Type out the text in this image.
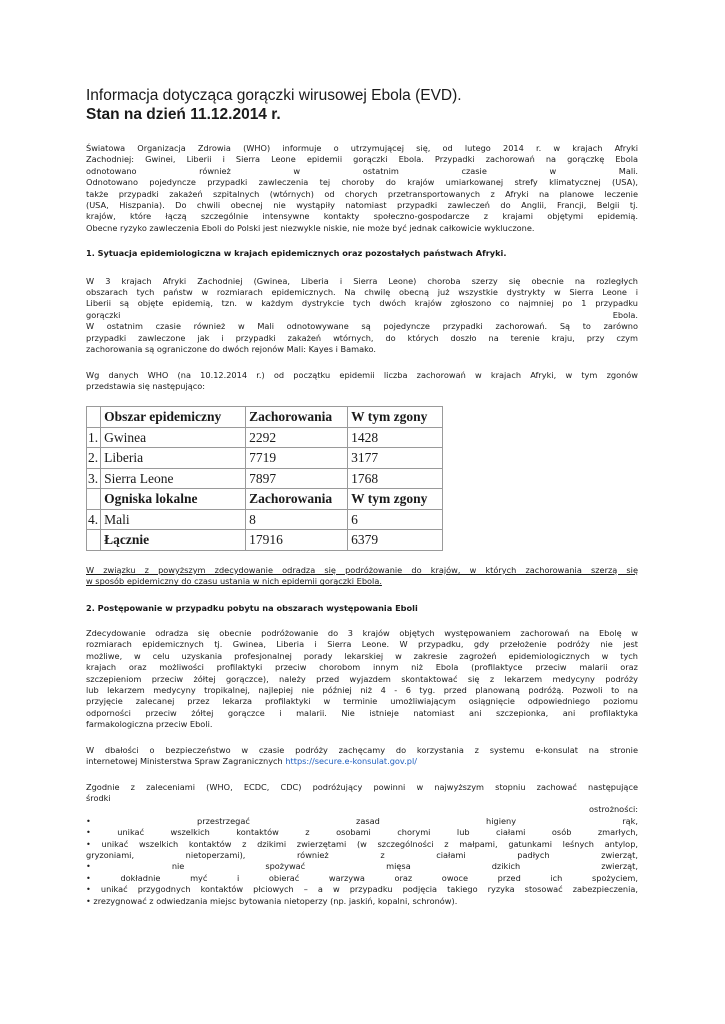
Informacja dotycząca gorączki wirusowej Ebola (EVD).
Stan na dzień 11.12.2014 r.
Światowa Organizacja Zdrowia (WHO) informuje o utrzymującej się, od lutego 2014 r. w krajach Afryki
Zachodniej: Gwinei, Liberii i Sierra Leone epidemii gorączki Ebola. Przypadki zachorowań na gorączkę Ebola
odnotowano również w ostatnim czasie w Mali.
Odnotowano pojedyncze przypadki zawleczenia tej choroby do krajów umiarkowanej strefy klimatycznej (USA),
także przypadki zakażeń szpitalnych (wtórnych) od chorych przetransportowanych z Afryki na planowe leczenie
(USA, Hiszpania). Do chwili obecnej nie wystąpiły natomiast przypadki zawleczeń do Anglii, Francji, Belgii tj.
krajów, które łączą szczególnie intensywne kontakty społeczno-gospodarcze z krajami objętymi epidemią.
Obecne ryzyko zawleczenia Eboli do Polski jest niezwykle niskie, nie może być jednak całkowicie wykluczone.

1. Sytuacja epidemiologiczna w krajach epidemicznych oraz pozostałych państwach Afryki.

W 3 krajach Afryki Zachodniej (Gwinea, Liberia i Sierra Leone) choroba szerzy się obecnie na rozległych
obszarach tych państw w rozmiarach epidemicznych. Na chwilę obecną już wszystkie dystrykty w Sierra Leone i
Liberii są objęte epidemią, tzn. w każdym dystrykcie tych dwóch krajów zgłoszono co najmniej po 1 przypadku
gorączki	Ebola.
W ostatnim czasie również w Mali odnotowywane są pojedyncze przypadki zachorowań. Są to zarówno
przypadki zawleczone jak i przypadki zakażeń wtórnych, do których doszło na terenie kraju, przy czym
zachorowania są ograniczone do dwóch rejonów Mali: Kayes i Bamako.
Wg danych WHO (na 10.12.2014 r.) od początku epidemii liczba zachorowań w krajach Afryki, w tym zgonów
przedstawia się następująco:
	Obszar epidemiczny	Zachorowania	W tym zgony
1.	Gwinea	2292	1428
2.	Liberia	7719	3177
3.	Sierra Leone	7897	1768
	Ogniska lokalne	Zachorowania	W tym zgony
4.	Mali	8	6
	Łącznie	17916	6379
W związku z powyższym zdecydowanie odradza się podróżowanie do krajów, w których zachorowania szerzą się
w sposób epidemiczny do czasu ustania w nich epidemii gorączki Ebola.

2. Postępowanie w przypadku pobytu na obszarach występowania Eboli

Zdecydowanie odradza się obecnie podróżowanie do 3 krajów objętych występowaniem zachorowań na Ebolę w
rozmiarach epidemicznych tj. Gwinea, Liberia i Sierra Leone. W przypadku, gdy przełożenie podróży nie jest
możliwe, w celu uzyskania profesjonalnej porady lekarskiej w zakresie zagrożeń epidemiologicznych w tych
krajach oraz możliwości profilaktyki przeciw chorobom innym niż Ebola (profilaktyce przeciw malarii oraz
szczepieniom przeciw żółtej gorączce), należy przed wyjazdem skontaktować się z lekarzem medycyny podróży
lub lekarzem medycyny tropikalnej, najlepiej nie później niż 4 - 6 tyg. przed planowaną podróżą. Pozwoli to na
przyjęcie zalecanej przez lekarza profilaktyki w terminie umożliwiającym osiągnięcie odpowiedniego poziomu
odporności przeciw żółtej gorączce i malarii. Nie istnieje natomiast ani szczepionka, ani profilaktyka
farmakologiczna przeciw Eboli.
W dbałości o bezpieczeństwo w czasie podróży zachęcamy do korzystania z systemu e-konsulat na stronie
internetowej Ministerstwa Spraw Zagranicznych https://secure.e-konsulat.gov.pl/
Zgodnie z zaleceniami (WHO, ECDC, CDC) podróżujący powinni w najwyższym stopniu zachować następujące
środki
ostrożności:
• przestrzegać zasad higieny rąk,
• unikać wszelkich kontaktów z osobami chorymi lub ciałami osób zmarłych,
• unikać wszelkich kontaktów z dzikimi zwierzętami (w szczególności z małpami, gatunkami leśnych antylop,
gryzoniami, nietoperzami), również z ciałami padłych zwierząt,
• nie spożywać mięsa dzikich zwierząt,
• dokładnie myć i obierać warzywa oraz owoce przed ich spożyciem,
• unikać przygodnych kontaktów płciowych – a w przypadku podjęcia takiego ryzyka stosować zabezpieczenia,
• zrezygnować z odwiedzania miejsc bytowania nietoperzy (np. jaskiń, kopalni, schronów).
